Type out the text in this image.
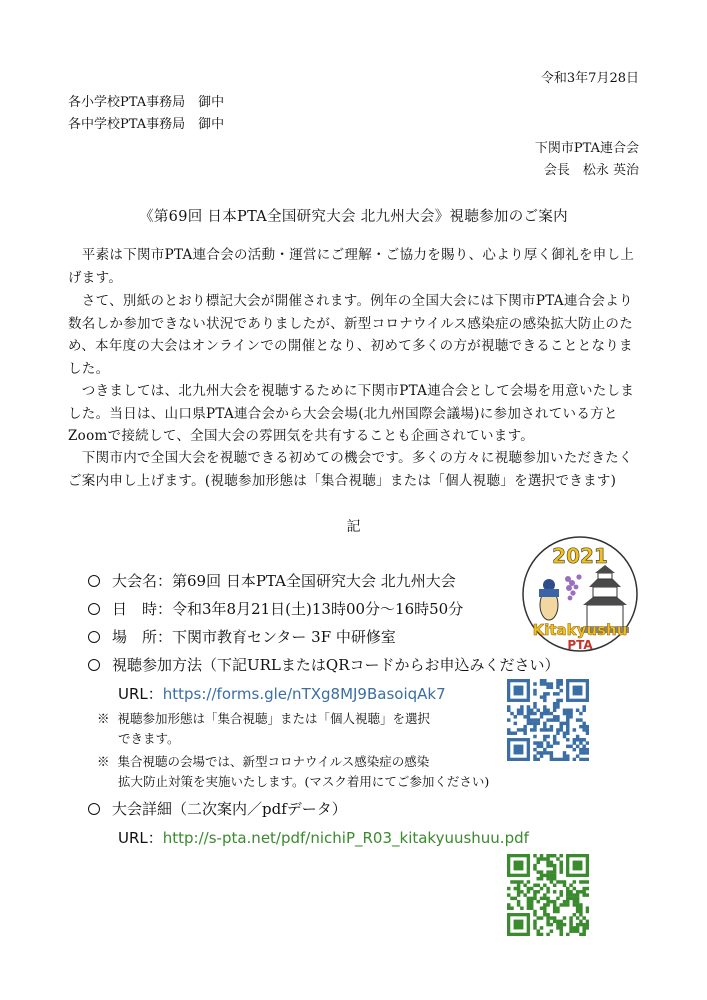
令和3年7月28日
各小学校PTA事務局　御中
各中学校PTA事務局　御中
下関市PTA連合会
会長　松永 英治
《第69回 日本PTA全国研究大会 北九州大会》視聴参加のご案内
　平素は下関市PTA連合会の活動・運営にご理解・ご協力を賜り、心より厚く御礼を申し上げます。
　さて、別紙のとおり標記大会が開催されます。例年の全国大会には下関市PTA連合会より数名しか参加できない状況でありましたが、新型コロナウイルス感染症の感染拡大防止のため、本年度の大会はオンラインでの開催となり、初めて多くの方が視聴できることとなりました。
　つきましては、北九州大会を視聴するために下関市PTA連合会として会場を用意いたしました。当日は、山口県PTA連合会から大会会場(北九州国際会議場)に参加されている方とZoomで接続して、全国大会の雰囲気を共有することも企画されています。
　下関市内で全国大会を視聴できる初めての機会です。多くの方々に視聴参加いただきたくご案内申し上げます。(視聴参加形態は「集合視聴」または「個人視聴」を選択できます)
記
大会名：第69回 日本PTA全国研究大会 北九州大会
日　時：令和3年8月21日(土)13時00分～16時50分
場　所：下関市教育センター 3F 中研修室
視聴参加方法（下記URLまたはQRコードからお申込みください）
URL：https://forms.gle/nTXg8MJ9BasoiqAk7
※ 視聴参加形態は「集合視聴」または「個人視聴」を選択
できます。
※ 集合視聴の会場では、新型コロナウイルス感染症の感染
拡大防止対策を実施いたします。(マスク着用にてご参加ください)
大会詳細（二次案内／pdfデータ）
URL：http://s-pta.net/pdf/nichiP_R03_kitakyuushuu.pdf
2021
Kitakyushu
PTA
